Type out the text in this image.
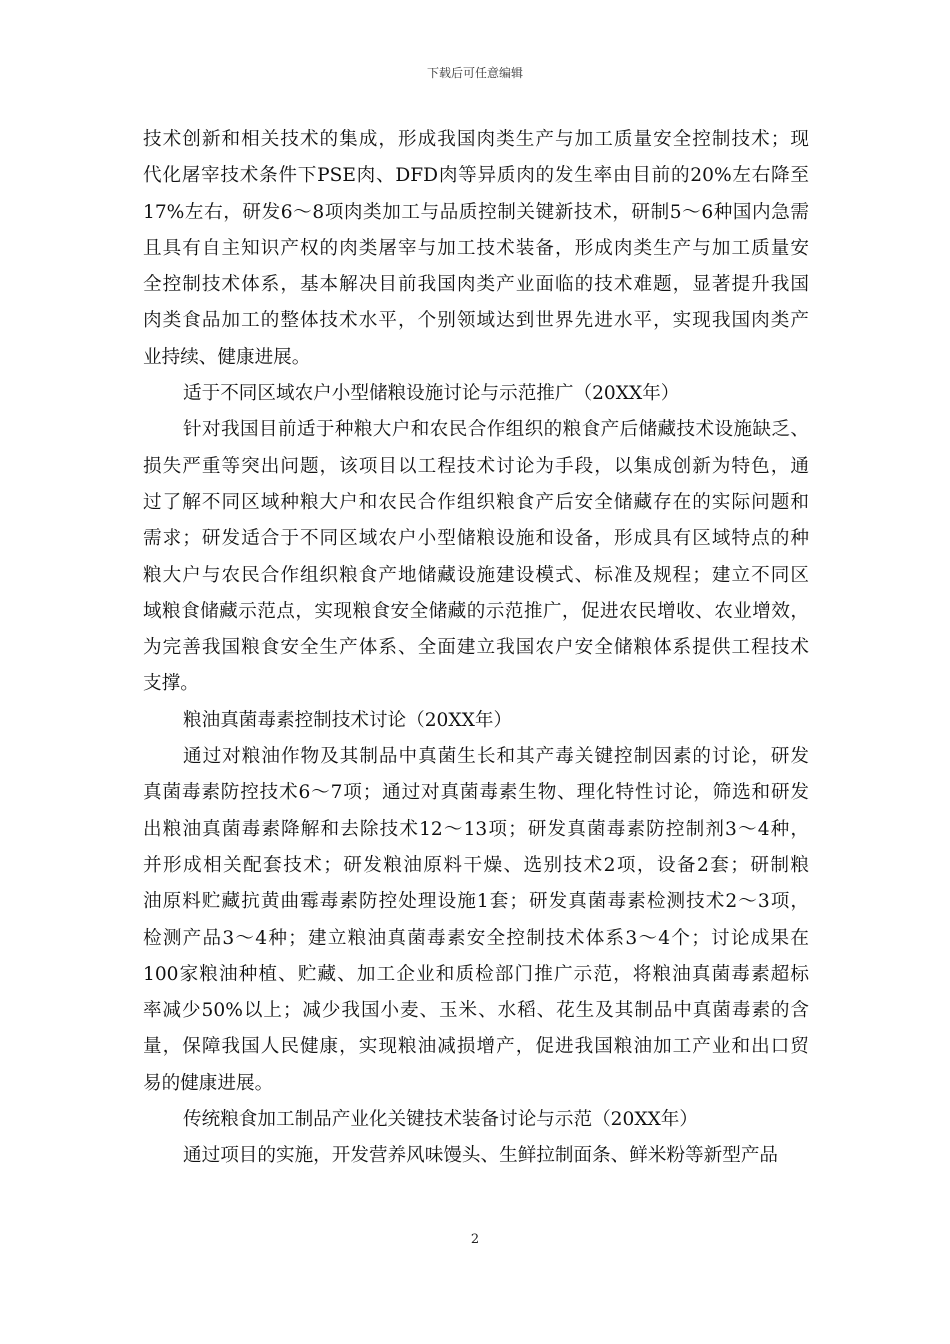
下载后可任意编辑
技术创新和相关技术的集成，形成我国肉类生产与加工质量安全控制技术；现
代化屠宰技术条件下PSE肉、DFD肉等异质肉的发生率由目前的20%左右降至
17%左右，研发6～8项肉类加工与品质控制关键新技术，研制5～6种国内急需
且具有自主知识产权的肉类屠宰与加工技术装备，形成肉类生产与加工质量安
全控制技术体系，基本解决目前我国肉类产业面临的技术难题，显著提升我国
肉类食品加工的整体技术水平，个别领域达到世界先进水平，实现我国肉类产
业持续、健康进展。
适于不同区域农户小型储粮设施讨论与示范推广（20XX年）
针对我国目前适于种粮大户和农民合作组织的粮食产后储藏技术设施缺乏、
损失严重等突出问题，该项目以工程技术讨论为手段，以集成创新为特色，通
过了解不同区域种粮大户和农民合作组织粮食产后安全储藏存在的实际问题和
需求；研发适合于不同区域农户小型储粮设施和设备，形成具有区域特点的种
粮大户与农民合作组织粮食产地储藏设施建设模式、标准及规程；建立不同区
域粮食储藏示范点，实现粮食安全储藏的示范推广，促进农民增收、农业增效，
为完善我国粮食安全生产体系、全面建立我国农户安全储粮体系提供工程技术
支撑。
粮油真菌毒素控制技术讨论（20XX年）
通过对粮油作物及其制品中真菌生长和其产毒关键控制因素的讨论，研发
真菌毒素防控技术6～7项；通过对真菌毒素生物、理化特性讨论，筛选和研发
出粮油真菌毒素降解和去除技术12～13项；研发真菌毒素防控制剂3～4种，
并形成相关配套技术；研发粮油原料干燥、选别技术2项，设备2套；研制粮
油原料贮藏抗黄曲霉毒素防控处理设施1套；研发真菌毒素检测技术2～3项，
检测产品3～4种；建立粮油真菌毒素安全控制技术体系3～4个；讨论成果在
100家粮油种植、贮藏、加工企业和质检部门推广示范，将粮油真菌毒素超标
率减少50%以上；减少我国小麦、玉米、水稻、花生及其制品中真菌毒素的含
量，保障我国人民健康，实现粮油减损增产，促进我国粮油加工产业和出口贸
易的健康进展。
传统粮食加工制品产业化关键技术装备讨论与示范（20XX年）
通过项目的实施，开发营养风味馒头、生鲜拉制面条、鲜米粉等新型产品
2
